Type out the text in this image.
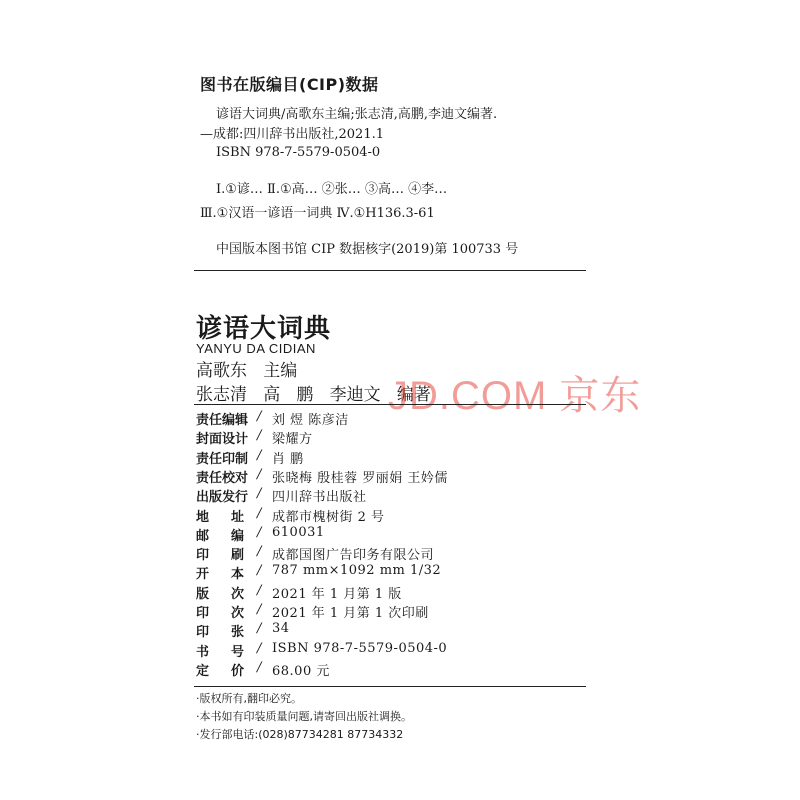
图书在版编目(CIP)数据
谚语大词典/高歌东主编;张志清,高鹏,李迪文编著.
—成都:四川辞书出版社,2021.1
ISBN 978-7-5579-0504-0
Ⅰ.①谚… Ⅱ.①高… ②张… ③高… ④李…
Ⅲ.①汉语一谚语一词典 Ⅳ.①H136.3-61
中国版本图书馆 CIP 数据核字(2019)第 100733 号
谚语大词典
YANYU DA CIDIAN
高歌东   主编
张志清   高   鹏   李迪文   编著
JD.COM 京东
责任编辑 / 刘 煜 陈彦洁
封面设计 / 梁耀方
责任印制 / 肖 鹏
责任校对 / 张晓梅 殷桂蓉 罗丽娟 王妗儒
出版发行 / 四川辞书出版社
地址 / 成都市槐树街 2 号
邮编 / 610031
印刷 / 成都国图广告印务有限公司
开本 / 787 mm×1092 mm 1/32
版次 / 2021 年 1 月第 1 版
印次 / 2021 年 1 月第 1 次印刷
印张 / 34
书号 / ISBN 978-7-5579-0504-0
定价 / 68.00 元
·版权所有,翻印必究。
·本书如有印装质量问题,请寄回出版社调换。
·发行部电话:(028)87734281 87734332
